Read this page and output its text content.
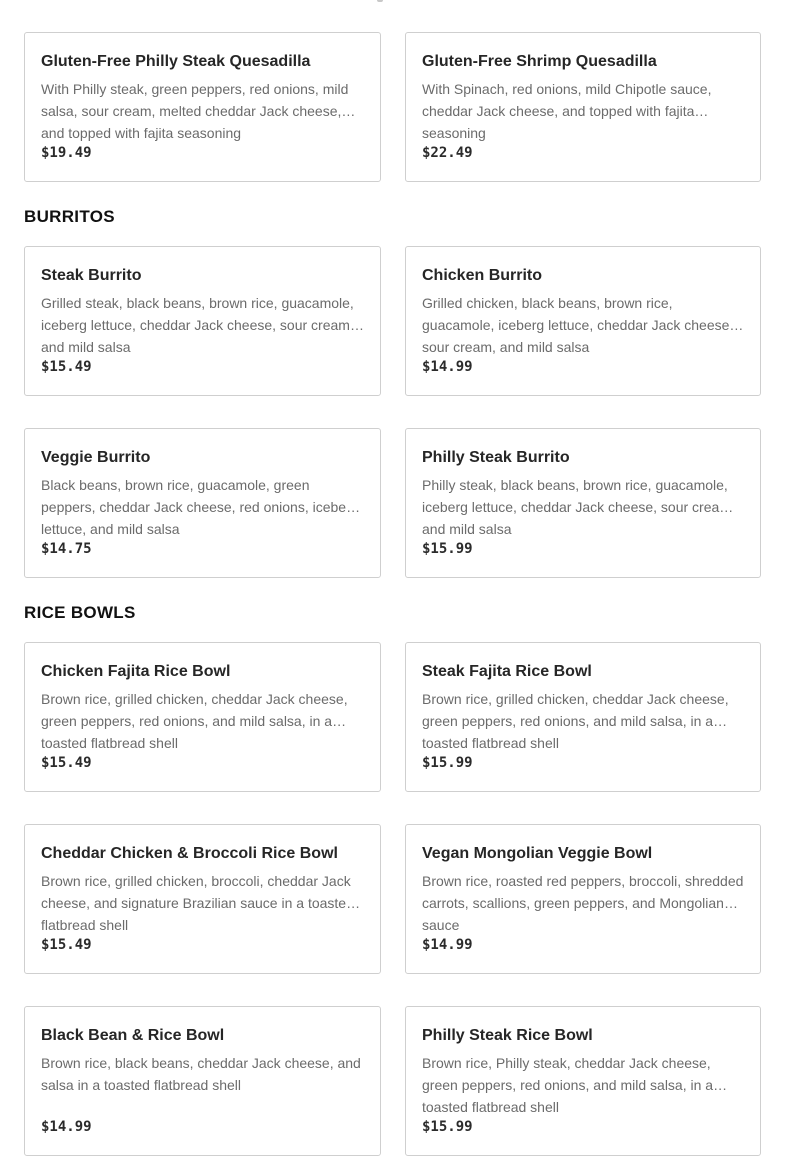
Gluten-Free Philly Steak Quesadilla

With Philly steak, green peppers, red onions, mild salsa, sour cream, melted cheddar Jack cheese, and topped with fajita seasoning

$19.49

Gluten-Free Shrimp Quesadilla

With Spinach, red onions, mild Chipotle sauce, cheddar Jack cheese, and topped with fajita seasoning

$22.49

BURRITOS

Steak Burrito

Grilled steak, black beans, brown rice, guacamole, iceberg lettuce, cheddar Jack cheese, sour cream, and mild salsa

$15.49

Chicken Burrito

Grilled chicken, black beans, brown rice, guacamole, iceberg lettuce, cheddar Jack cheese, sour cream, and mild salsa

$14.99

Veggie Burrito

Black beans, brown rice, guacamole, green peppers, cheddar Jack cheese, red onions, iceberg lettuce, and mild salsa

$14.75

Philly Steak Burrito

Philly steak, black beans, brown rice, guacamole, iceberg lettuce, cheddar Jack cheese, sour cream, and mild salsa

$15.99

RICE BOWLS

Chicken Fajita Rice Bowl

Brown rice, grilled chicken, cheddar Jack cheese, green peppers, red onions, and mild salsa, in a toasted flatbread shell

$15.49

Steak Fajita Rice Bowl

Brown rice, grilled chicken, cheddar Jack cheese, green peppers, red onions, and mild salsa, in a toasted flatbread shell

$15.99

Cheddar Chicken & Broccoli Rice Bowl

Brown rice, grilled chicken, broccoli, cheddar Jack cheese, and signature Brazilian sauce in a toasted flatbread shell

$15.49

Vegan Mongolian Veggie Bowl

Brown rice, roasted red peppers, broccoli, shredded carrots, scallions, green peppers, and Mongolian sauce

$14.99

Black Bean & Rice Bowl

Brown rice, black beans, cheddar Jack cheese, and salsa in a toasted flatbread shell

$14.99

Philly Steak Rice Bowl

Brown rice, Philly steak, cheddar Jack cheese, green peppers, red onions, and mild salsa, in a toasted flatbread shell

$15.99
